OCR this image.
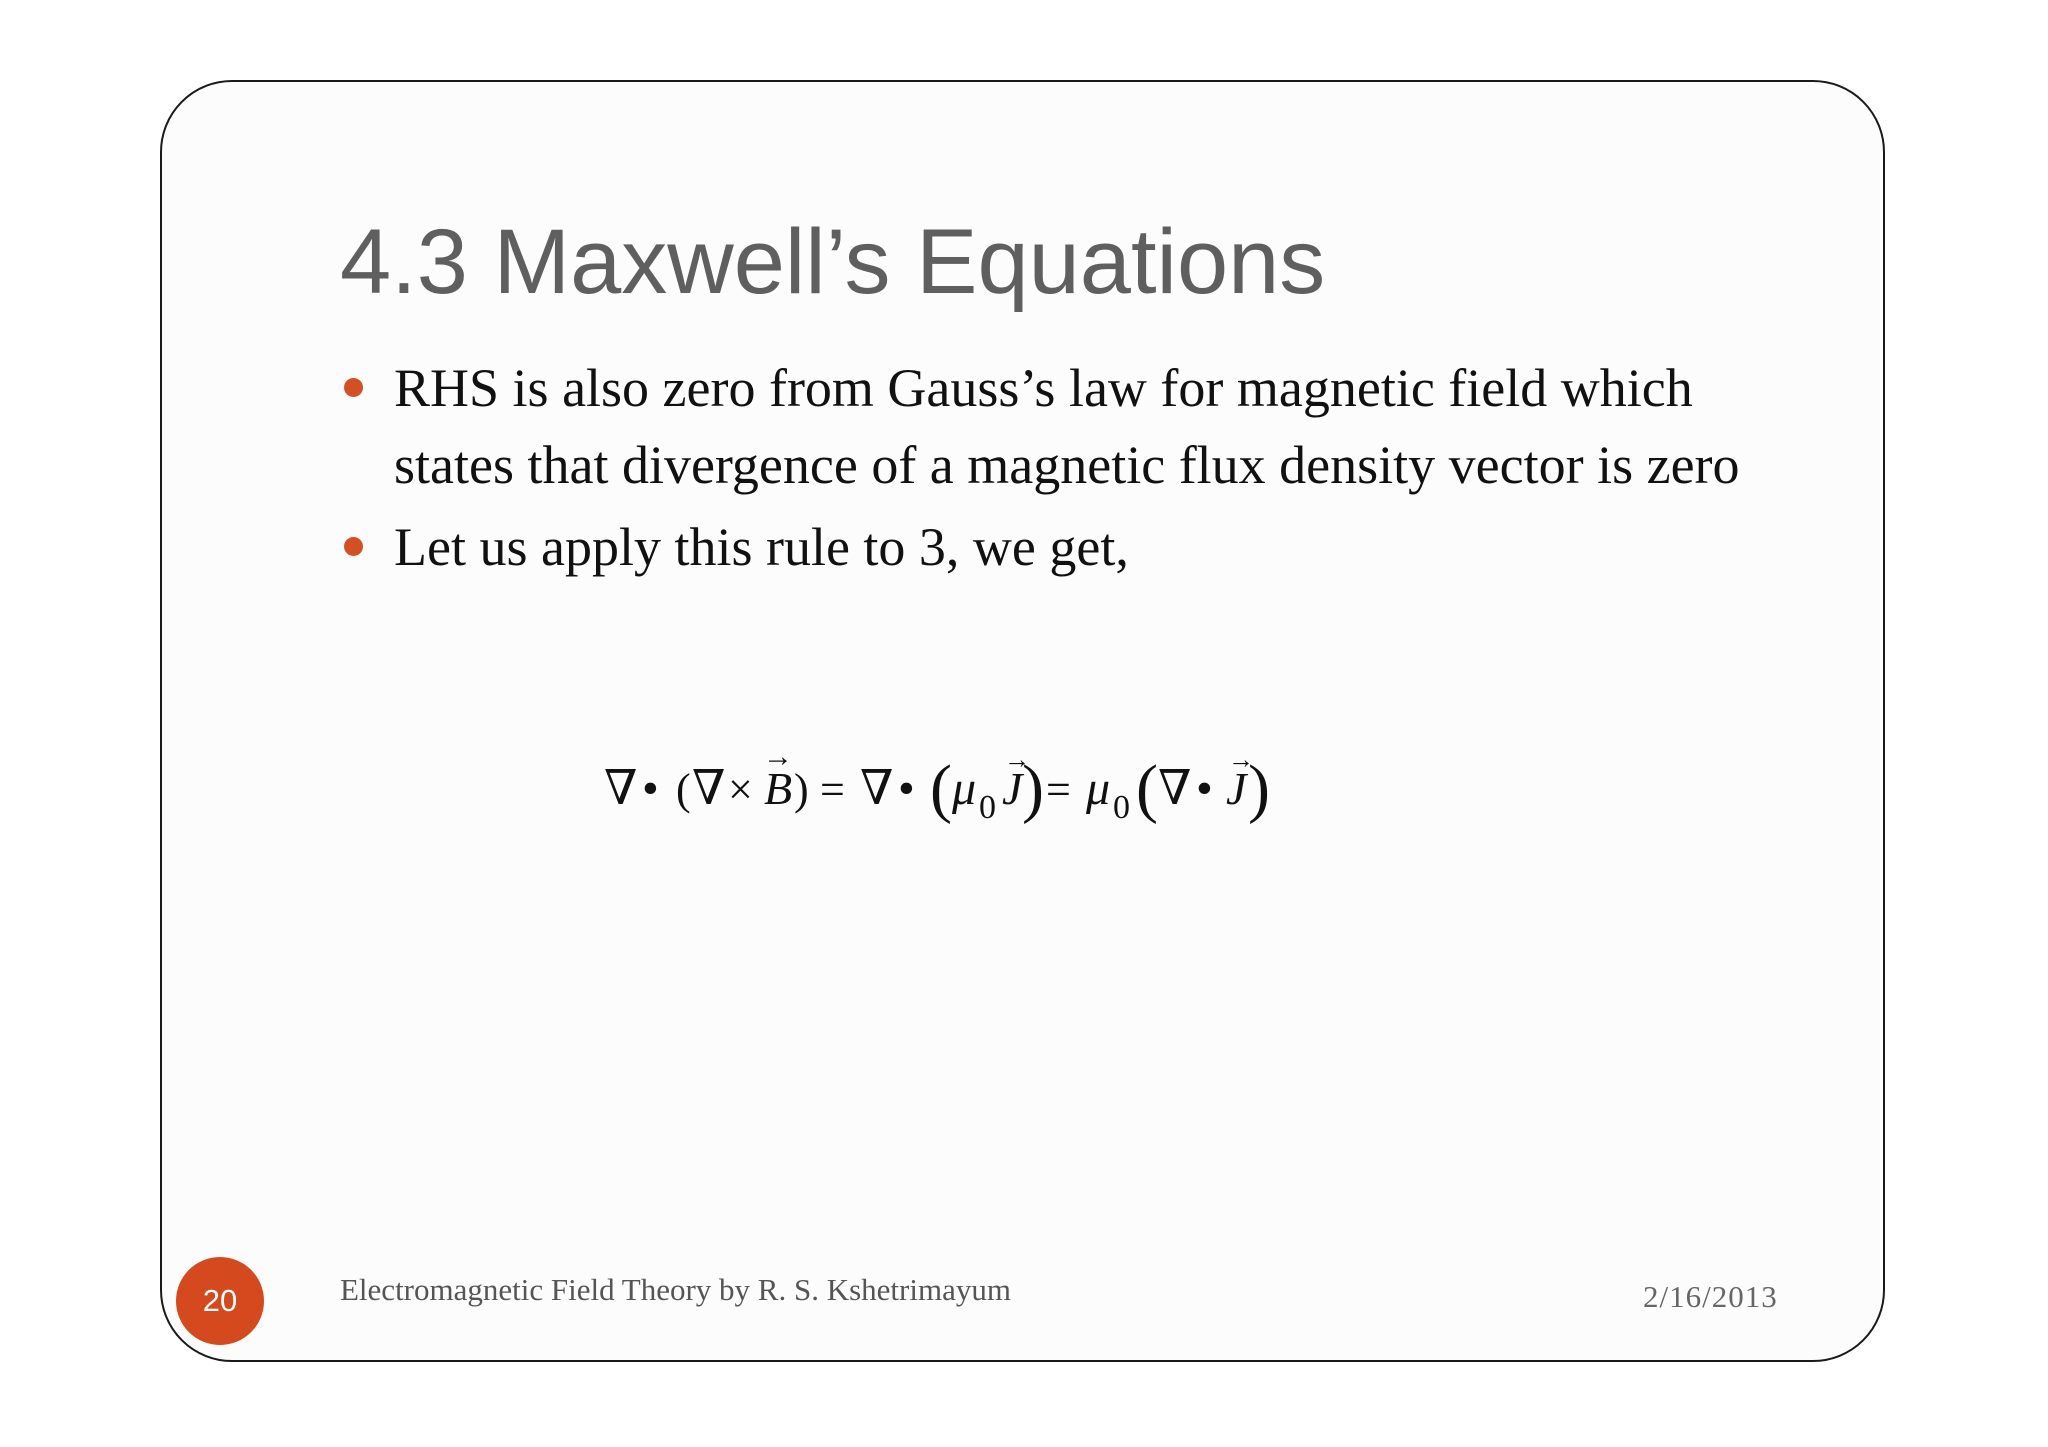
4.3 Maxwell’s Equations
RHS is also zero from Gauss’s law for magnetic field which states that divergence of a magnetic flux density vector is zero
Let us apply this rule to 3, we get,
∇ • ( ∇ × B
→
) = ∇ • ( μ 0 J
→
) = μ 0 ( ∇ • J
→
)
20	Electromagnetic Field Theory by R. S. Kshetrimayum	2/16/2013
